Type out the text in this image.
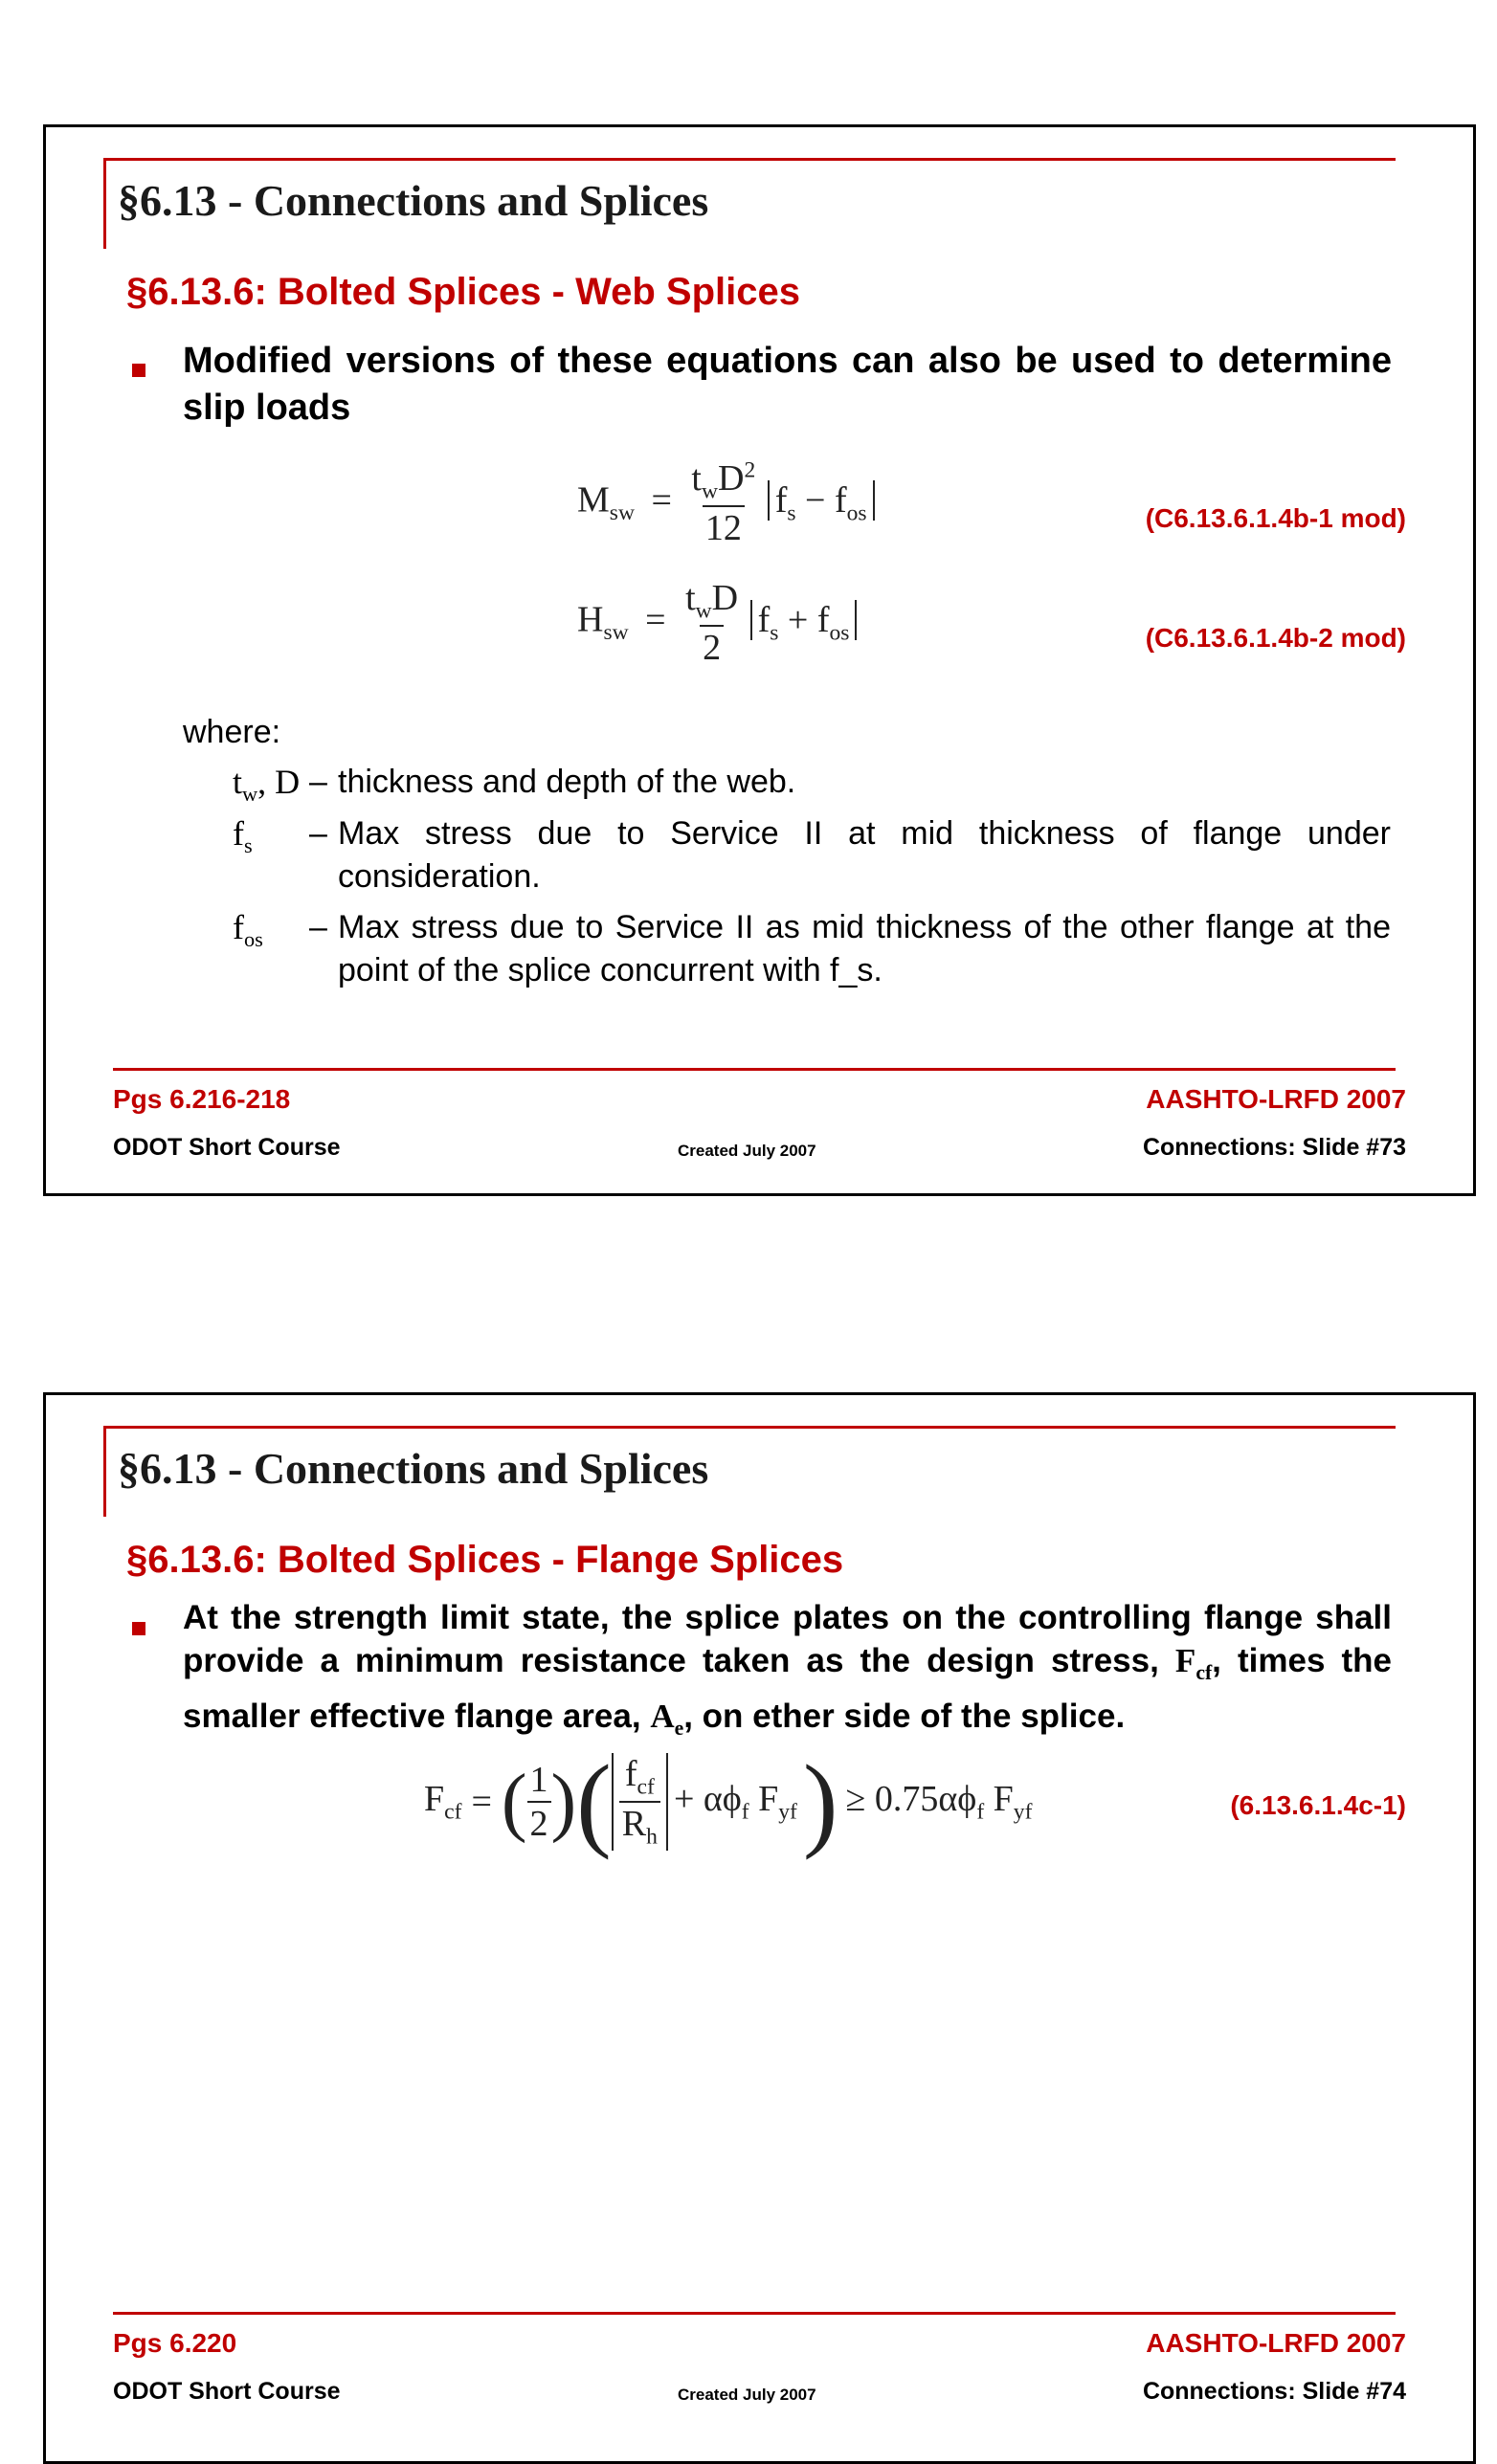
§6.13 - Connections and Splices
§6.13.6: Bolted Splices - Web Splices
Modified versions of these equations can also be used to determine slip loads
$M_{sw} = \frac{t_wD^2}{12} f_s - f_{os}$	(C6.13.6.1.4b-1 mod)
$H_{sw} = \frac{t_wD}{2} f_s + f_{os}$	(C6.13.6.1.4b-2 mod)
where:
$t_w$, D – thickness and depth of the web.
$f_s$ – Max stress due to Service II at mid thickness of flange under consideration.
$f_{os}$ – Max stress due to Service II as mid thickness of the other flange at the point of the splice concurrent with f_s.
Pgs 6.216-218	AASHTO-LRFD 2007
ODOT Short Course	Created July 2007	Connections: Slide #73
§6.13 - Connections and Splices
§6.13.6: Bolted Splices - Flange Splices
At the strength limit state, the splice plates on the controlling flange shall provide a minimum resistance taken as the design stress, $F_{cf}$, times the smaller effective flange area, $A_e$, on ether side of the splice.
$F_{cf}$ = ( $\frac{1}{2}$ ) ( $\frac{f_{cf}}{R_h} + \alpha\phi_f$ $F_{yf}$ ) ≥ $0.75\alpha\phi_f$ $F_{yf}$	(6.13.6.1.4c-1)
Pgs 6.220	AASHTO-LRFD 2007
ODOT Short Course	Created July 2007	Connections: Slide #74
